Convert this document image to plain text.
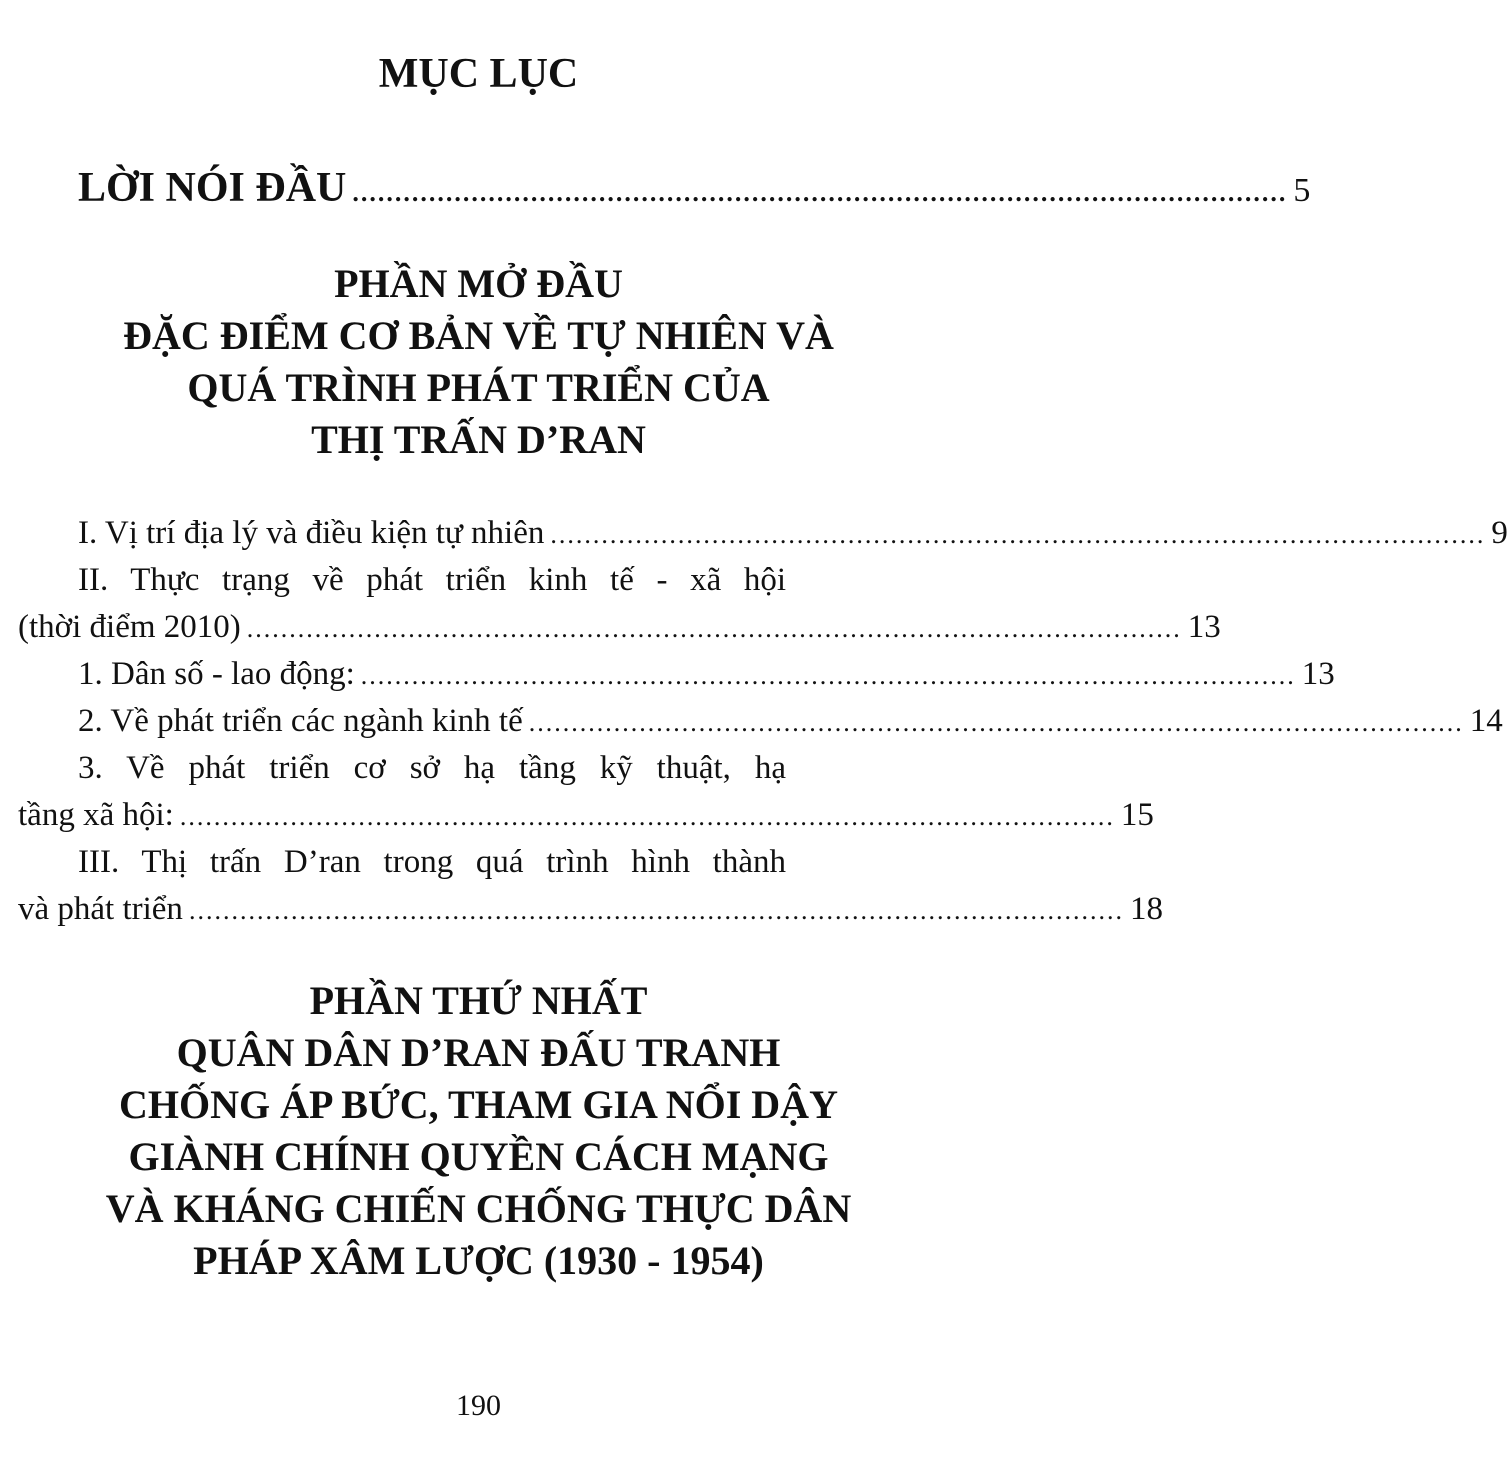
MỤC LỤC
LỜI NÓI ĐẦU .............................................................................................................. 5
PHẦN MỞ ĐẦU
ĐẶC ĐIỂM CƠ BẢN VỀ TỰ NHIÊN VÀ
QUÁ TRÌNH PHÁT TRIỂN CỦA
THỊ TRẤN D’RAN
I. Vị trí địa lý và điều kiện tự nhiên .............................................................................................................. 9
II. Thực trạng về phát triển kinh tế - xã hội
(thời điểm 2010) .............................................................................................................. 13
1. Dân số - lao động: .............................................................................................................. 13
2. Về phát triển các ngành kinh tế .............................................................................................................. 14
3. Về phát triển cơ sở hạ tầng kỹ thuật, hạ
tầng xã hội: .............................................................................................................. 15
III. Thị trấn D’ran trong quá trình hình thành
và phát triển .............................................................................................................. 18
PHẦN THỨ NHẤT
QUÂN DÂN D’RAN ĐẤU TRANH
CHỐNG ÁP BỨC, THAM GIA NỔI DẬY
GIÀNH CHÍNH QUYỀN CÁCH MẠNG
VÀ KHÁNG CHIẾN CHỐNG THỰC DÂN
PHÁP XÂM LƯỢC (1930 - 1954)
190
